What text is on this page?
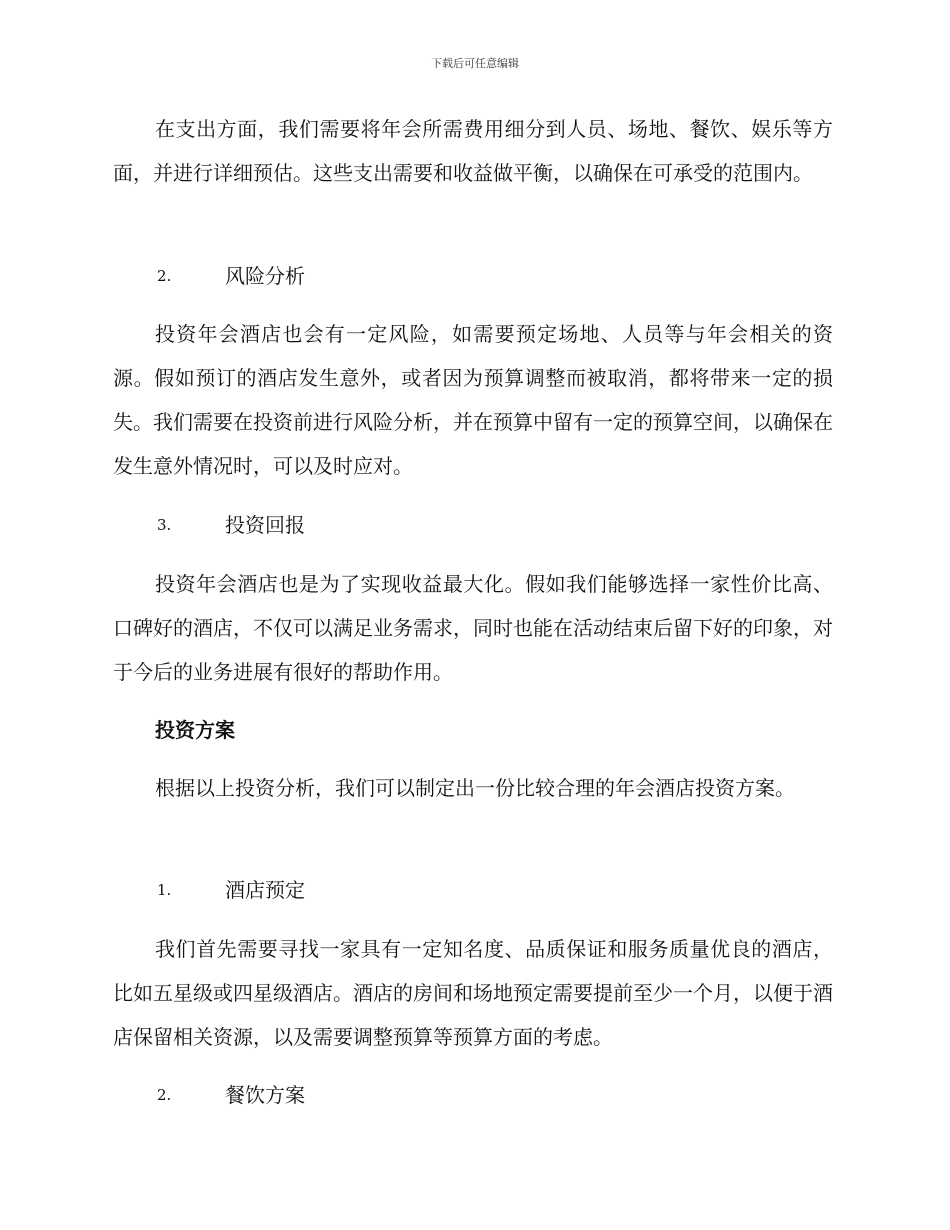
下载后可任意编辑

在支出方面，我们需要将年会所需费用细分到人员、场地、餐饮、娱乐等方面，并进行详细预估。这些支出需要和收益做平衡，以确保在可承受的范围内。

2.	风险分析

投资年会酒店也会有一定风险，如需要预定场地、人员等与年会相关的资源。假如预订的酒店发生意外，或者因为预算调整而被取消，都将带来一定的损失。我们需要在投资前进行风险分析，并在预算中留有一定的预算空间，以确保在发生意外情况时，可以及时应对。

3.	投资回报

投资年会酒店也是为了实现收益最大化。假如我们能够选择一家性价比高、口碑好的酒店，不仅可以满足业务需求，同时也能在活动结束后留下好的印象，对于今后的业务进展有很好的帮助作用。

投资方案

根据以上投资分析，我们可以制定出一份比较合理的年会酒店投资方案。

1.	酒店预定

我们首先需要寻找一家具有一定知名度、品质保证和服务质量优良的酒店，比如五星级或四星级酒店。酒店的房间和场地预定需要提前至少一个月，以便于酒店保留相关资源，以及需要调整预算等预算方面的考虑。

2.	餐饮方案
